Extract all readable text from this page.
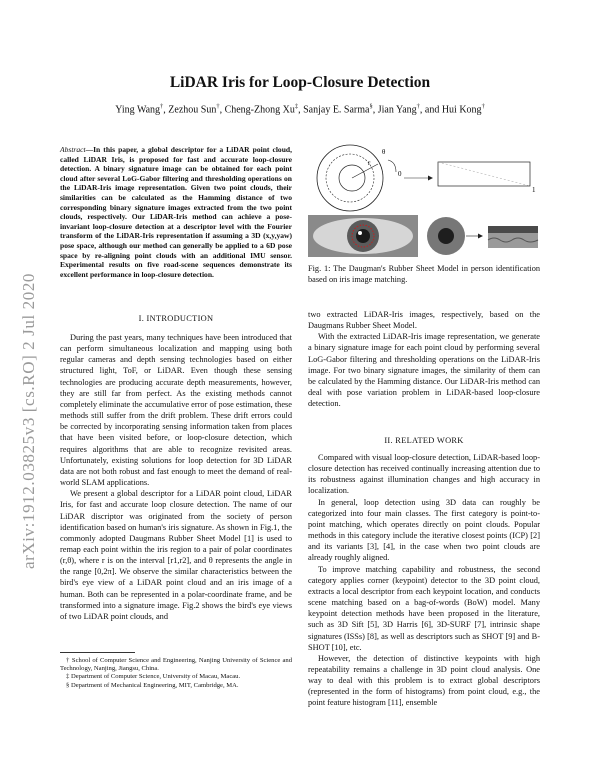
arXiv:1912.03825v3 [cs.RO] 2 Jul 2020
LiDAR Iris for Loop-Closure Detection
Ying Wang†, Zezhou Sun†, Cheng-Zhong Xu‡, Sanjay E. Sarma§, Jian Yang†, and Hui Kong†
Abstract—In this paper, a global descriptor for a LiDAR point cloud, called LiDAR Iris, is proposed for fast and accurate loop-closure detection. A binary signature image can be obtained for each point cloud after several LoG-Gabor filtering and thresholding operations on the LiDAR-Iris image representation. Given two point clouds, their similarities can be calculated as the Hamming distance of two corresponding binary signature images extracted from the two point clouds, respectively. Our LiDAR-Iris method can achieve a pose-invariant loop-closure detection at a descriptor level with the Fourier transform of the LiDAR-Iris representation if assuming a 3D (x,y,yaw) pose space, although our method can generally be applied to a 6D pose space by re-aligning point clouds with an additional IMU sensor. Experimental results on five road-scene sequences demonstrate its excellent performance in loop-closure detection.
I. INTRODUCTION

During the past years, many techniques have been introduced that can perform simultaneous localization and mapping using both regular cameras and depth sensing technologies based on either structured light, ToF, or LiDAR. Even though these sensing technologies are producing accurate depth measurements, however, they are still far from perfect. As the existing methods cannot completely eliminate the accumulative error of pose estimation, these methods still suffer from the drift problem. These drift errors could be corrected by incorporating sensing information taken from places that have been visited before, or loop-closure detection, which requires algorithms that are able to recognize revisited areas. Unfortunately, existing solutions for loop detection for 3D LiDAR data are not both robust and fast enough to meet the demand of real-world SLAM applications.

We present a global descriptor for a LiDAR point cloud, LiDAR Iris, for fast and accurate loop closure detection. The name of our LiDAR discriptor was originated from the society of person identification based on human's iris signature. As shown in Fig.1, the commonly adopted Daugmans Rubber Sheet Model [1] is used to remap each point within the iris region to a pair of polar coordinates (r,θ), where r is on the interval [r1,r2], and θ represents the angle in the range [0,2π]. We observe the similar characteristics between the bird's eye view of a LiDAR point cloud and an iris image of a human. Both can be represented in a polar-coordinate frame, and be transformed into a signature image. Fig.2 shows the bird's eye views of two LiDAR point clouds, and

† School of Computer Science and Engineering, Nanjing University of Science and Technology, Nanjing, Jiangsu, China.

‡ Department of Computer Science, University of Macau, Macau.

§ Department of Mechanical Engineering, MIT, Cambridge, MA.

r
θ
0
1
Fig. 1: The Daugman's Rubber Sheet Model in person identification based on iris image matching.

two extracted LiDAR-Iris images, respectively, based on the Daugmans Rubber Sheet Model.

With the extracted LiDAR-Iris image representation, we generate a binary signature image for each point cloud by performing several LoG-Gabor filtering and thresholding operations on the LiDAR-Iris image. For two binary signature images, the similarity of them can be calculated by the Hamming distance. Our LiDAR-Iris method can deal with pose variation problem in LiDAR-based loop-closure detection.

II. RELATED WORK

Compared with visual loop-closure detection, LiDAR-based loop-closure detection has received continually increasing attention due to its robustness against illumination changes and high accuracy in localization.

In general, loop detection using 3D data can roughly be categorized into four main classes. The first category is point-to-point matching, which operates directly on point clouds. Popular methods in this category include the iterative closest points (ICP) [2] and its variants [3], [4], in the case when two point clouds are already roughly aligned.

To improve matching capability and robustness, the second category applies corner (keypoint) detector to the 3D point cloud, extracts a local descriptor from each keypoint location, and conducts scene matching based on a bag-of-words (BoW) model. Many keypoint detection methods have been proposed in the literature, such as 3D Sift [5], 3D Harris [6], 3D-SURF [7], intrinsic shape signatures (ISSs) [8], as well as descriptors such as SHOT [9] and B-SHOT [10], etc.

However, the detection of distinctive keypoints with high repeatability remains a challenge in 3D point cloud analysis. One way to deal with this problem is to extract global descriptors (represented in the form of histograms) from point cloud, e.g., the point feature histogram [11], ensemble
